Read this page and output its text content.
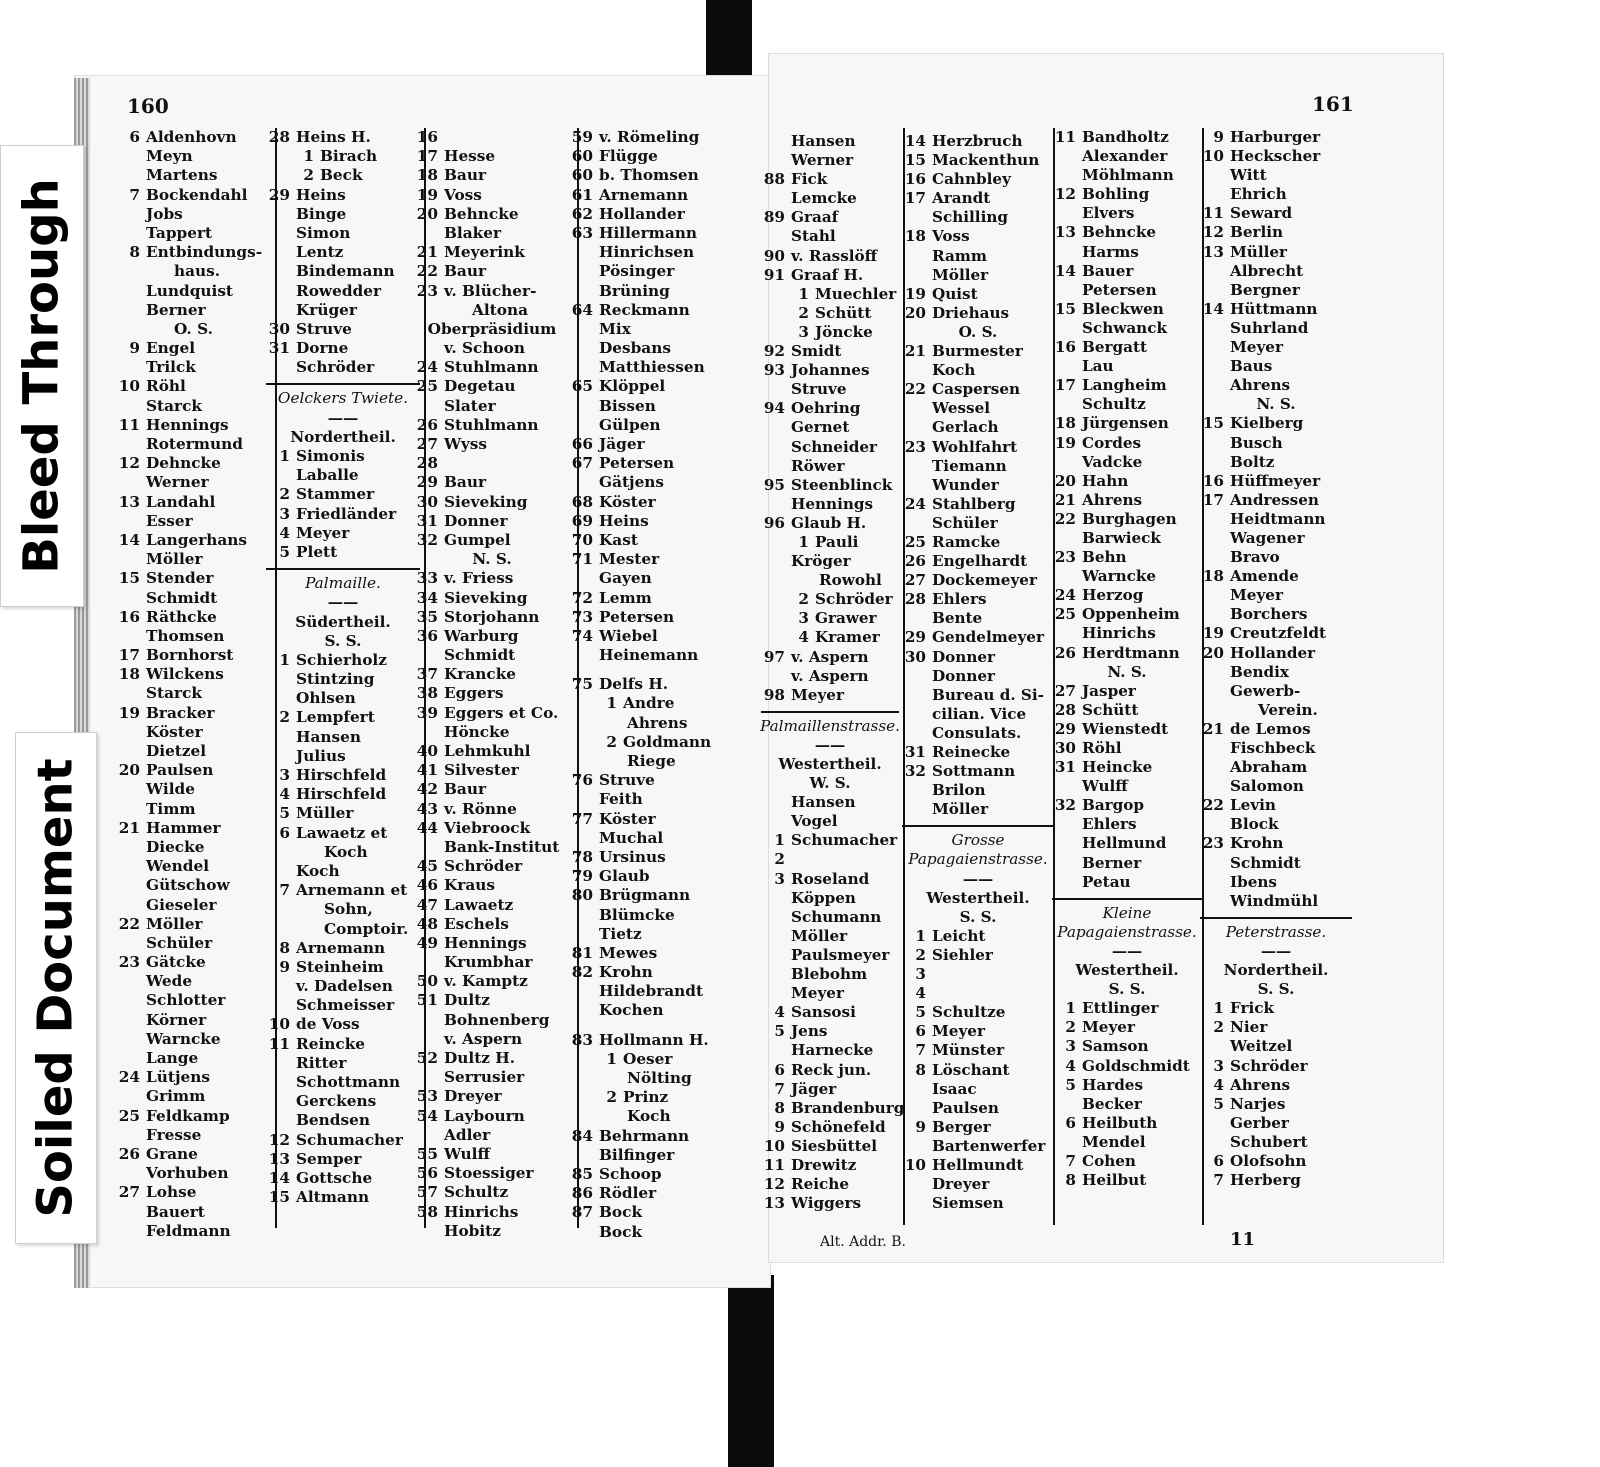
160	161
6 Aldenhovn
Meyn
Martens
7 Bockendahl
Jobs
Tappert
8 Entbindungs-
haus.
Lundquist
Berner
O. S.
9 Engel
Trilck
10 Röhl
Starck
11 Hennings
Rotermund
12 Dehncke
Werner
13 Landahl
Esser
14 Langerhans
Möller
15 Stender
Schmidt
16 Räthcke
Thomsen
17 Bornhorst
18 Wilckens
Starck
19 Bracker
Köster
Dietzel
20 Paulsen
Wilde
Timm
21 Hammer
Diecke
Wendel
Gütschow
Gieseler
22 Möller
Schüler
23 Gätcke
Wede
Schlotter
Körner
Warncke
Lange
24 Lütjens
Grimm
25 Feldkamp
Fresse
26 Grane
Vorhuben
27 Lohse
Bauert
Feldmann
28 Heins H.
1 Birach
2 Beck
29 Heins
Binge
Simon
Lentz
Bindemann
Rowedder
Krüger
30 Struve
31 Dorne
Schröder
Oelckers Twiete.
——
Nordertheil.
1 Simonis
Laballe
2 Stammer
3 Friedländer
4 Meyer
5 Plett
Palmaille.
——
Südertheil.
S. S.
1 Schierholz
Stintzing
Ohlsen
2 Lempfert
Hansen
Julius
3 Hirschfeld
4 Hirschfeld
5 Müller
6 Lawaetz et
Koch
Koch
7 Arnemann et
Sohn,
Comptoir.
8 Arnemann
9 Steinheim
v. Dadelsen
Schmeisser
10 de Voss
11 Reincke
Ritter
Schottmann
Gerckens
Bendsen
12 Schumacher
13 Semper
14 Gottsche
15 Altmann
16
17 Hesse
18 Baur
19 Voss
20 Behncke
Blaker
21 Meyerink
22 Baur
23 v. Blücher-
Altona
Oberpräsidium
v. Schoon
24 Stuhlmann
25 Degetau
Slater
26 Stuhlmann
27 Wyss
28
29 Baur
30 Sieveking
31 Donner
32 Gumpel
N. S.
33 v. Friess
34 Sieveking
35 Storjohann
36 Warburg
Schmidt
37 Krancke
38 Eggers
39 Eggers et Co.
Höncke
40 Lehmkuhl
41 Silvester
42 Baur
43 v. Rönne
44 Viebroock
Bank-Institut
45 Schröder
46 Kraus
47 Lawaetz
48 Eschels
49 Hennings
Krumbhar
50 v. Kamptz
51 Dultz
Bohnenberg
v. Aspern
52 Dultz H.
Serrusier
53 Dreyer
54 Laybourn
Adler
55 Wulff
56 Stoessiger
57 Schultz
58 Hinrichs
Hobitz
59 v. Römeling
60 Flügge
60 b. Thomsen
61 Arnemann
62 Hollander
63 Hillermann
Hinrichsen
Pösinger
Brüning
64 Reckmann
Mix
Desbans
Matthiessen
65 Klöppel
Bissen
Gülpen
66 Jäger
67 Petersen
Gätjens
68 Köster
69 Heins
70 Kast
71 Mester
Gayen
72 Lemm
73 Petersen
74 Wiebel
Heinemann
75 Delfs H.
1 Andre
Ahrens
2 Goldmann
Riege
76 Struve
Feith
77 Köster
Muchal
78 Ursinus
79 Glaub
80 Brügmann
Blümcke
Tietz
81 Mewes
82 Krohn
Hildebrandt
Kochen
83 Hollmann H.
1 Oeser
Nölting
2 Prinz
Koch
84 Behrmann
Bilfinger
85 Schoop
86 Rödler
87 Bock
Bock
Hansen
Werner
88 Fick
Lemcke
89 Graaf
Stahl
90 v. Rasslöff
91 Graaf H.
1 Muechler
2 Schütt
3 Jöncke
92 Smidt
93 Johannes
Struve
94 Oehring
Gernet
Schneider
Röwer
95 Steenblinck
Hennings
96 Glaub H.
1 Pauli
Kröger
Rowohl
2 Schröder
3 Grawer
4 Kramer
97 v. Aspern
v. Aspern
98 Meyer
Palmaillenstrasse.
——
Westertheil.
W. S.
Hansen
Vogel
1 Schumacher
2
3 Roseland
Köppen
Schumann
Möller
Paulsmeyer
Blebohm
Meyer
4 Sansosi
5 Jens
Harnecke
6 Reck jun.
7 Jäger
8 Brandenburg
9 Schönefeld
10 Siesbüttel
11 Drewitz
12 Reiche
13 Wiggers
14 Herzbruch
15 Mackenthun
16 Cahnbley
17 Arandt
Schilling
18 Voss
Ramm
Möller
19 Quist
20 Driehaus
O. S.
21 Burmester
Koch
22 Caspersen
Wessel
Gerlach
23 Wohlfahrt
Tiemann
Wunder
24 Stahlberg
Schüler
25 Ramcke
26 Engelhardt
27 Dockemeyer
28 Ehlers
Bente
29 Gendelmeyer
30 Donner
Donner
Bureau d. Si-
cilian. Vice
Consulats.
31 Reinecke
32 Sottmann
Brilon
Möller
Grosse
Papagaienstrasse.
——
Westertheil.
S. S.
1 Leicht
2 Siehler
3
4
5 Schultze
6 Meyer
7 Münster
8 Löschant
Isaac
Paulsen
9 Berger
Bartenwerfer
10 Hellmundt
Dreyer
Siemsen
11 Bandholtz
Alexander
Möhlmann
12 Bohling
Elvers
13 Behncke
Harms
14 Bauer
Petersen
15 Bleckwen
Schwanck
16 Bergatt
Lau
17 Langheim
Schultz
18 Jürgensen
19 Cordes
Vadcke
20 Hahn
21 Ahrens
22 Burghagen
Barwieck
23 Behn
Warncke
24 Herzog
25 Oppenheim
Hinrichs
26 Herdtmann
N. S.
27 Jasper
28 Schütt
29 Wienstedt
30 Röhl
31 Heincke
Wulff
32 Bargop
Ehlers
Hellmund
Berner
Petau
Kleine
Papagaienstrasse.
——
Westertheil.
S. S.
1 Ettlinger
2 Meyer
3 Samson
4 Goldschmidt
5 Hardes
Becker
6 Heilbuth
Mendel
7 Cohen
8 Heilbut
9 Harburger
10 Heckscher
Witt
Ehrich
11 Seward
12 Berlin
13 Müller
Albrecht
Bergner
14 Hüttmann
Suhrland
Meyer
Baus
Ahrens
N. S.
15 Kielberg
Busch
Boltz
16 Hüffmeyer
17 Andressen
Heidtmann
Wagener
Bravo
18 Amende
Meyer
Borchers
19 Creutzfeldt
20 Hollander
Bendix
Gewerb-
Verein.
21 de Lemos
Fischbeck
Abraham
Salomon
22 Levin
Block
23 Krohn
Schmidt
Ibens
Windmühl
Peterstrasse.
——
Nordertheil.
S. S.
1 Frick
2 Nier
Weitzel
3 Schröder
4 Ahrens
5 Narjes
Gerber
Schubert
6 Olofsohn
7 Herberg
Alt. Addr. B.	11
Bleed Through
Soiled Document
